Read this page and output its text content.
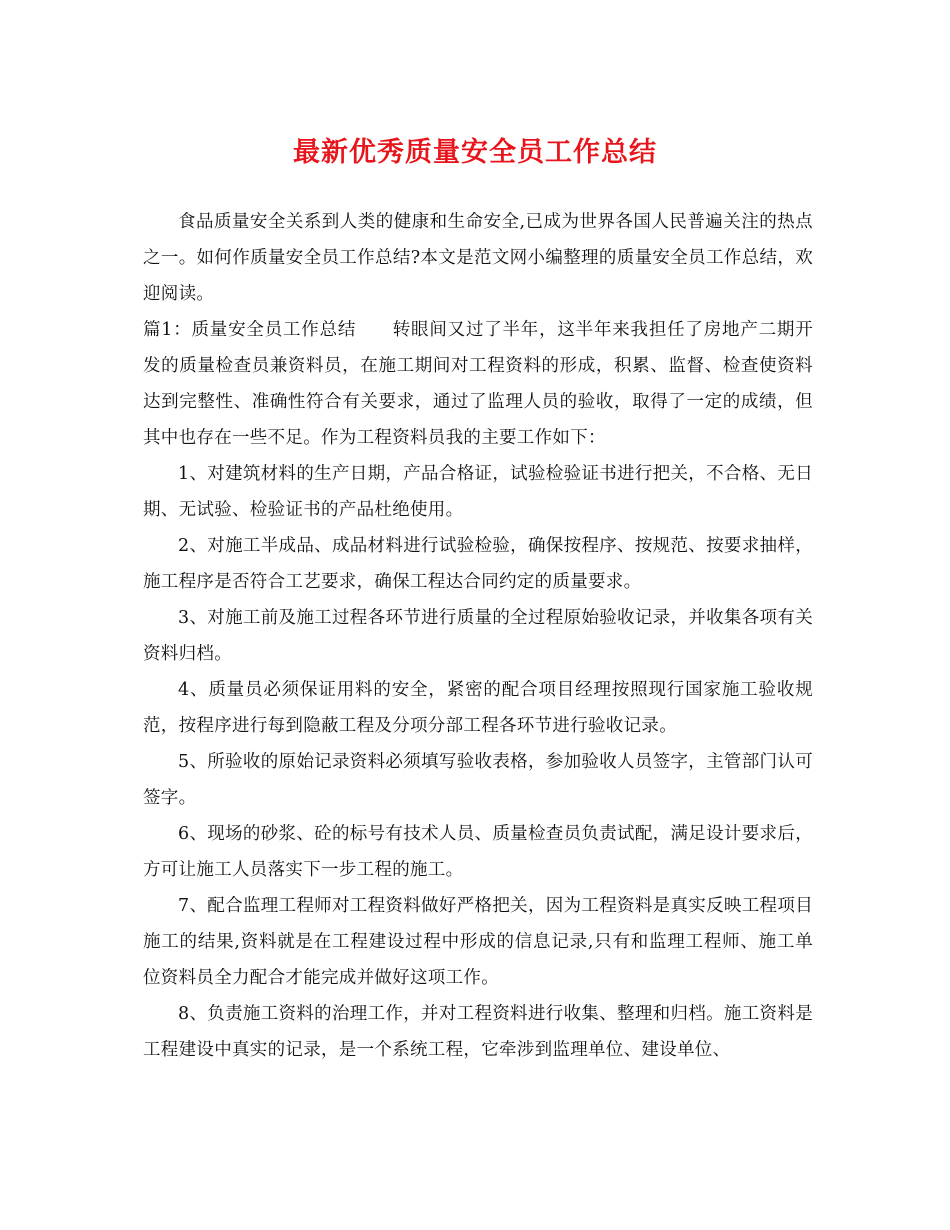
最新优秀质量安全员工作总结

食品质量安全关系到人类的健康和生命安全,已成为世界各国人民普遍关注的热点之一。如何作质量安全员工作总结?本文是范文网小编整理的质量安全员工作总结，欢迎阅读。

篇1：质量安全员工作总结　　转眼间又过了半年，这半年来我担任了房地产二期开发的质量检查员兼资料员，在施工期间对工程资料的形成，积累、监督、检查使资料达到完整性、准确性符合有关要求，通过了监理人员的验收，取得了一定的成绩，但其中也存在一些不足。作为工程资料员我的主要工作如下：

1、对建筑材料的生产日期，产品合格证，试验检验证书进行把关，不合格、无日期、无试验、检验证书的产品杜绝使用。

2、对施工半成品、成品材料进行试验检验，确保按程序、按规范、按要求抽样，施工程序是否符合工艺要求，确保工程达合同约定的质量要求。

3、对施工前及施工过程各环节进行质量的全过程原始验收记录，并收集各项有关资料归档。

4、质量员必须保证用料的安全，紧密的配合项目经理按照现行国家施工验收规范，按程序进行每到隐蔽工程及分项分部工程各环节进行验收记录。

5、所验收的原始记录资料必须填写验收表格，参加验收人员签字，主管部门认可签字。

6、现场的砂浆、砼的标号有技术人员、质量检查员负责试配，满足设计要求后，方可让施工人员落实下一步工程的施工。

7、配合监理工程师对工程资料做好严格把关，因为工程资料是真实反映工程项目施工的结果,资料就是在工程建设过程中形成的信息记录,只有和监理工程师、施工单位资料员全力配合才能完成并做好这项工作。

8、负责施工资料的治理工作，并对工程资料进行收集、整理和归档。施工资料是工程建设中真实的记录，是一个系统工程，它牵涉到监理单位、建设单位、
